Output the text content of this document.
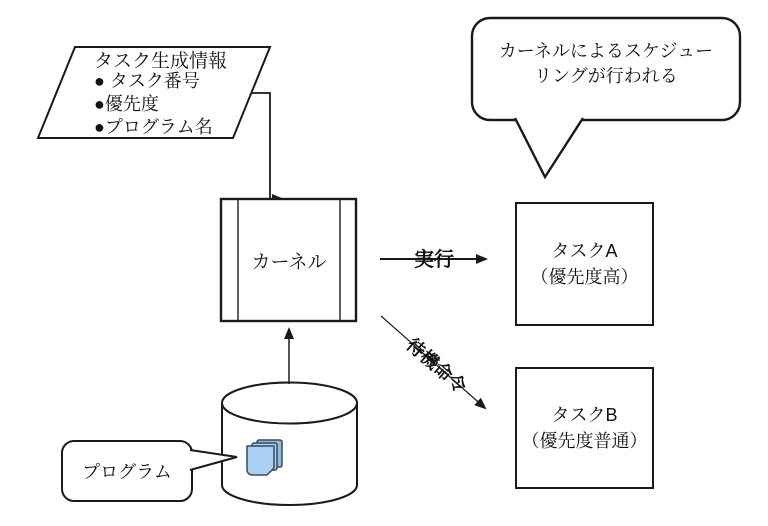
タスク生成情報
● タスク番号
●優先度
●プログラム名
カーネルによるスケジュー
リングが行われる
カーネル	実行
待機命令
タスクA
（優先度高）
タスクB
（優先度普通）
プログラム
